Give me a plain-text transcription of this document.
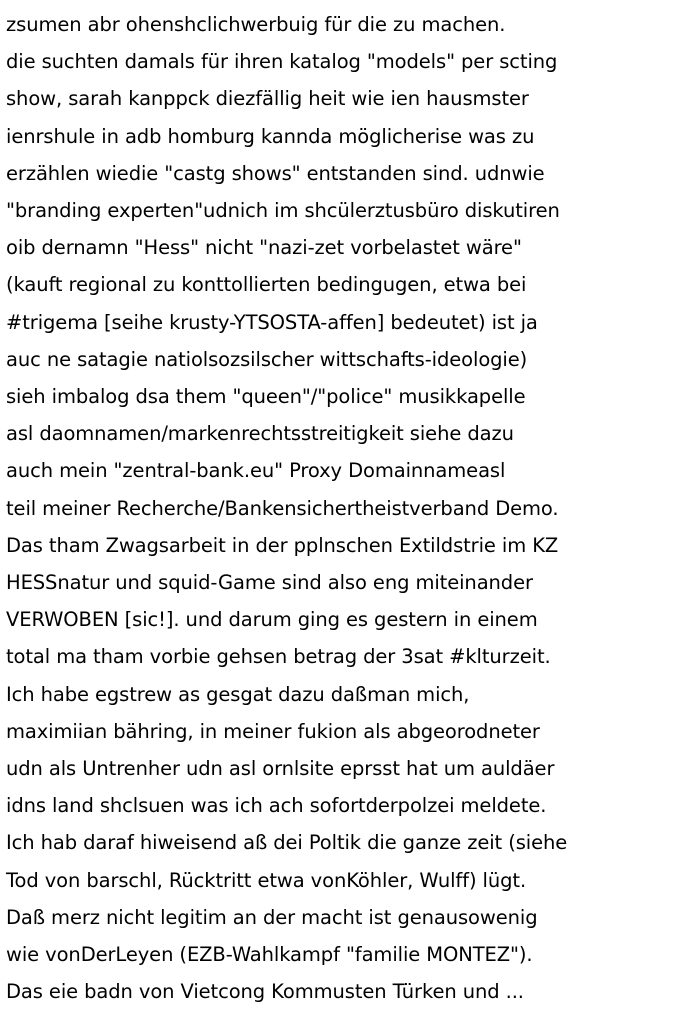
zsumen abr ohenshclichwerbuig für die zu machen.
die suchten damals für ihren katalog "models" per scting
show, sarah kanppck diezfällig heit wie ien hausmster
ienrshule in adb homburg kannda möglicherise was zu
erzählen wiedie "castg shows" entstanden sind. udnwie
"branding experten"udnich im shcülerztusbüro diskutiren
oib dernamn "Hess" nicht "nazi-zet vorbelastet wäre"
(kauft regional zu konttollierten bedingugen, etwa bei
#trigema [seihe krusty-YTSOSTA-affen] bedeutet) ist ja
auc ne satagie natiolsozsilscher wittschafts-ideologie)
sieh imbalog dsa them "queen"/"police" musikkapelle
asl daomnamen/markenrechtsstreitigkeit siehe dazu
auch mein "zentral-bank.eu" Proxy Domainnameasl
teil meiner Recherche/Bankensichertheistverband Demo.
Das tham Zwagsarbeit in der pplnschen Extildstrie im KZ
HESSnatur und squid-Game sind also eng miteinander
VERWOBEN [sic!]. und darum ging es gestern in einem
total ma tham vorbie gehsen betrag der 3sat #klturzeit.
Ich habe egstrew as gesgat dazu daßman mich,
maximiian bähring, in meiner fukion als abgeorodneter
udn als Untrenher udn asl ornlsite eprsst hat um auldäer
idns land shclsuen was ich ach sofortderpolzei meldete.
Ich hab daraf hiweisend aß dei Poltik die ganze zeit (siehe
Tod von barschl, Rücktritt etwa vonKöhler, Wulff) lügt.
Daß merz nicht legitim an der macht ist genausowenig
wie vonDerLeyen (EZB-Wahlkampf "familie MONTEZ").
Das eie badn von Vietcong Kommusten Türken und ...
